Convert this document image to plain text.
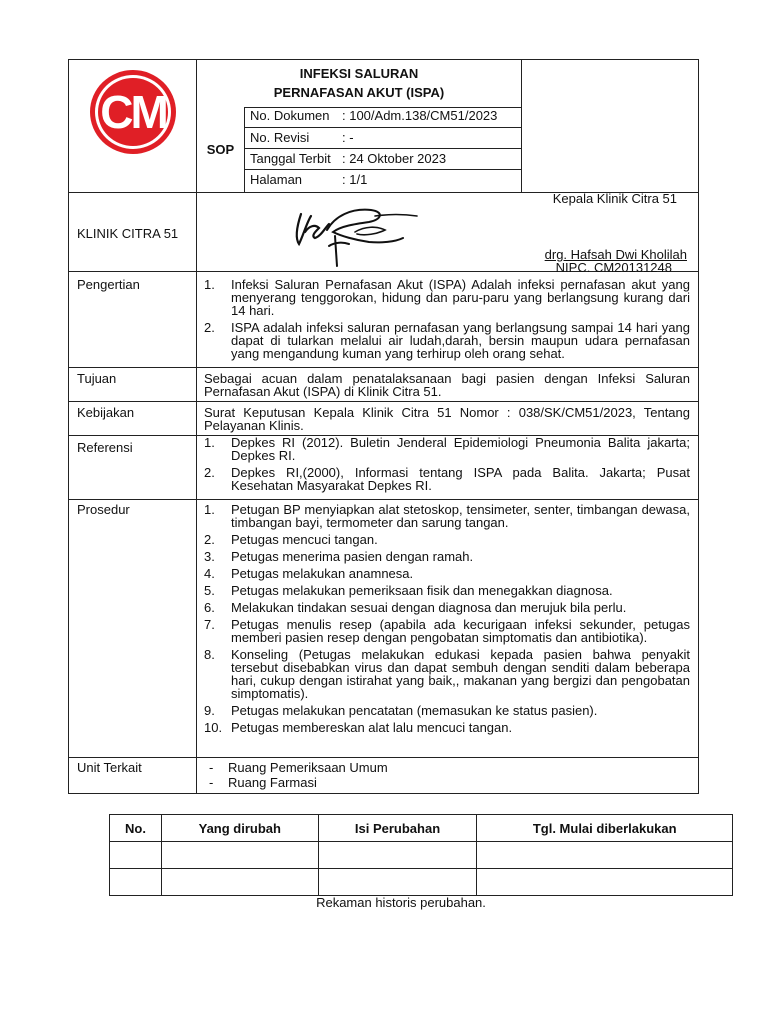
CM
INFEKSI SALURAN
PERNAFASAN AKUT (ISPA)
SOP
No. Dokumen : 100/Adm.138/CM51/2023
No. Revisi	: -
Tanggal Terbit : 24 Oktober 2023
Halaman	: 1/1
KLINIK CITRA 51
Kepala Klinik Citra 51
drg. Hafsah Dwi Kholilah
NIPC. CM20131248
Pengertian	1.	Infeksi Saluran Pernafasan Akut (ISPA) Adalah infeksi pernafasan akut yang menyerang tenggorokan, hidung dan paru-paru yang berlangsung kurang dari 14 hari.
2.	ISPA adalah infeksi saluran pernafasan yang berlangsung sampai 14 hari yang dapat di tularkan melalui air ludah,darah, bersin maupun udara pernafasan yang mengandung kuman yang terhirup oleh orang sehat.
Tujuan	Sebagai acuan dalam penatalaksanaan bagi pasien dengan Infeksi Saluran Pernafasan Akut (ISPA) di Klinik Citra 51.
Kebijakan	Surat Keputusan Kepala Klinik Citra 51 Nomor : 038/SK/CM51/2023, Tentang Pelayanan Klinis.
Referensi	1.	Depkes RI (2012). Buletin Jenderal Epidemiologi Pneumonia Balita jakarta; Depkes RI.
2.	Depkes RI,(2000), Informasi tentang ISPA pada Balita. Jakarta; Pusat Kesehatan Masyarakat Depkes RI.
Prosedur	1.	Petugan BP menyiapkan alat stetoskop, tensimeter, senter, timbangan dewasa, timbangan bayi, termometer dan sarung tangan.
2.	Petugas mencuci tangan.
3.	Petugas menerima pasien dengan ramah.
4.	Petugas melakukan anamnesa.
5.	Petugas melakukan pemeriksaan fisik dan menegakkan diagnosa.
6.	Melakukan tindakan sesuai dengan diagnosa dan merujuk bila perlu.
7.	Petugas menulis resep (apabila ada kecurigaan infeksi sekunder, petugas memberi pasien resep dengan pengobatan simptomatis dan antibiotika).
8.	Konseling (Petugas melakukan edukasi kepada pasien bahwa penyakit tersebut disebabkan virus dan dapat sembuh dengan senditi dalam beberapa hari, cukup dengan istirahat yang baik,, makanan yang bergizi dan pengobatan simptomatis).
9.	Petugas melakukan pencatatan (memasukan ke status pasien).
10. Petugas membereskan alat lalu mencuci tangan.
Unit Terkait	- Ruang Pemeriksaan Umum
- Ruang Farmasi
No.	Yang dirubah	Isi Perubahan	Tgl. Mulai diberlakukan

Rekaman historis perubahan.
